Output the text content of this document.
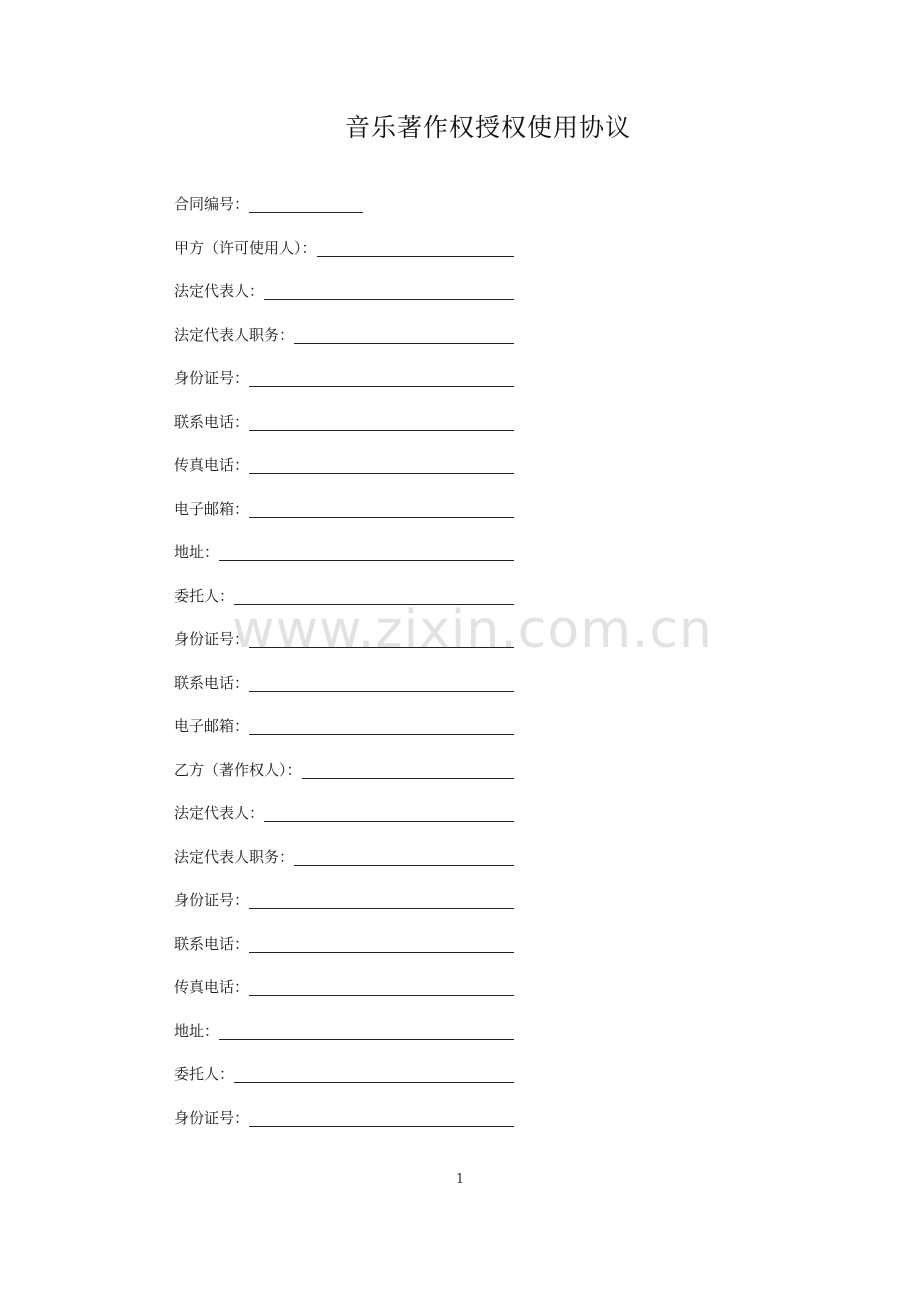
音乐著作权授权使用协议
合同编号：
甲方（许可使用人）：
法定代表人：
法定代表人职务：
身份证号：
联系电话：
传真电话：
电子邮箱：
地址：
委托人：
身份证号：
联系电话：
电子邮箱：
乙方（著作权人）：
法定代表人：
法定代表人职务：
身份证号：
联系电话：
传真电话：
地址：
委托人：
身份证号：
www.zixin.com.cn
1
